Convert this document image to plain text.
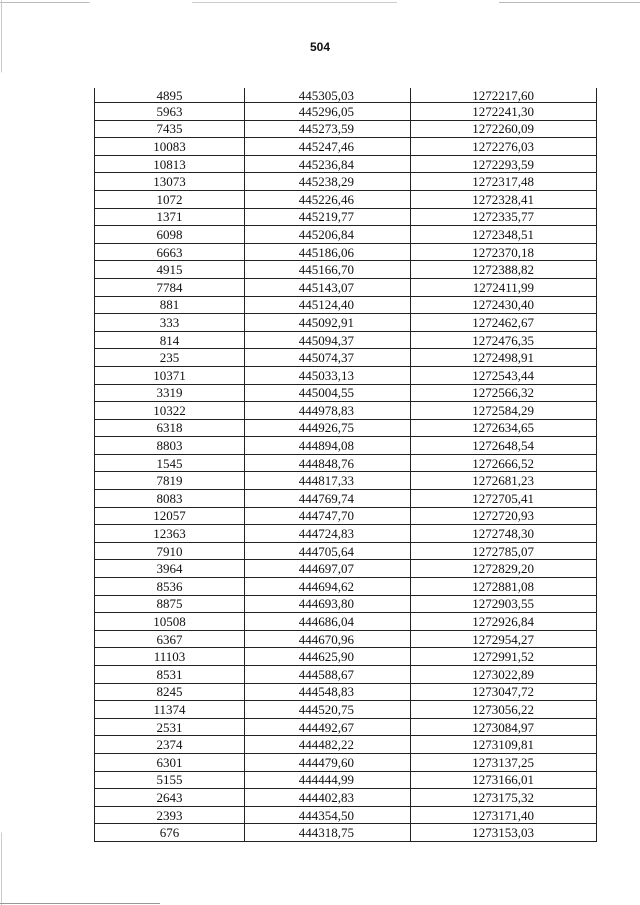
504
4895	445305,03	1272217,60
5963	445296,05	1272241,30
7435	445273,59	1272260,09
10083	445247,46	1272276,03
10813	445236,84	1272293,59
13073	445238,29	1272317,48
1072	445226,46	1272328,41
1371	445219,77	1272335,77
6098	445206,84	1272348,51
6663	445186,06	1272370,18
4915	445166,70	1272388,82
7784	445143,07	1272411,99
881	445124,40	1272430,40
333	445092,91	1272462,67
814	445094,37	1272476,35
235	445074,37	1272498,91
10371	445033,13	1272543,44
3319	445004,55	1272566,32
10322	444978,83	1272584,29
6318	444926,75	1272634,65
8803	444894,08	1272648,54
1545	444848,76	1272666,52
7819	444817,33	1272681,23
8083	444769,74	1272705,41
12057	444747,70	1272720,93
12363	444724,83	1272748,30
7910	444705,64	1272785,07
3964	444697,07	1272829,20
8536	444694,62	1272881,08
8875	444693,80	1272903,55
10508	444686,04	1272926,84
6367	444670,96	1272954,27
11103	444625,90	1272991,52
8531	444588,67	1273022,89
8245	444548,83	1273047,72
11374	444520,75	1273056,22
2531	444492,67	1273084,97
2374	444482,22	1273109,81
6301	444479,60	1273137,25
5155	444444,99	1273166,01
2643	444402,83	1273175,32
2393	444354,50	1273171,40
676	444318,75	1273153,03
